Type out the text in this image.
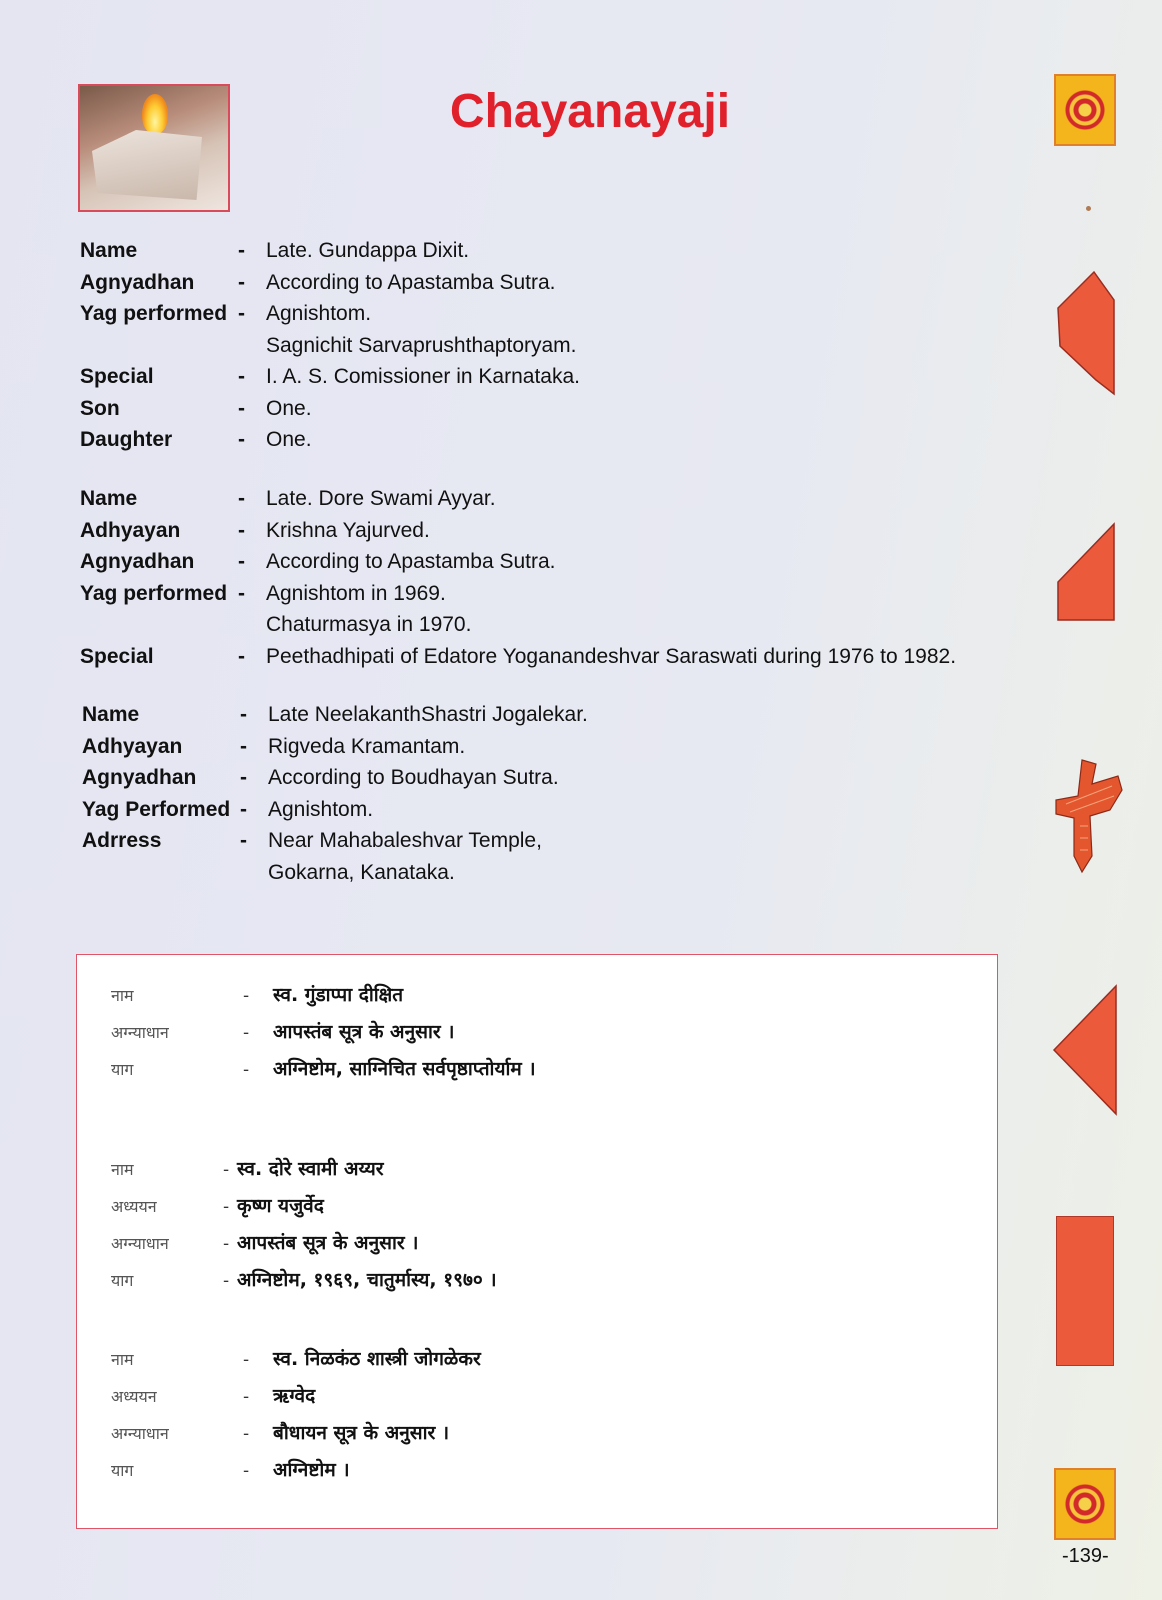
Chayanayaji
Name	-	Late. Gundappa Dixit.
Agnyadhan	-	According to Apastamba Sutra.
Yag performed -	Agnishtom.
Sagnichit Sarvaprushthaptoryam.
Special	-	I. A. S. Comissioner in Karnataka.
Son	-	One.
Daughter	-	One.
Name	-	Late. Dore Swami Ayyar.
Adhyayan	-	Krishna Yajurved.
Agnyadhan	-	According to Apastamba Sutra.
Yag performed -	Agnishtom in 1969.
Chaturmasya in 1970.
Special	-	Peethadhipati of Edatore Yoganandeshvar Saraswati during 1976 to 1982.
Name	-	Late NeelakanthShastri Jogalekar.
Adhyayan	-	Rigveda Kramantam.
Agnyadhan	-	According to Boudhayan Sutra.
Yag Performed -	Agnishtom.
Adrress	-	Near Mahabaleshvar Temple,
Gokarna, Kanataka.
नाम	-	स्व. गुंडाप्पा दीक्षित
अग्न्याधान	-	आपस्तंब सूत्र के अनुसार ।
याग	-	अग्निष्टोम, साग्निचित सर्वपृष्ठाप्तोर्याम ।
नाम	- स्व. दोरे स्वामी अय्यर
अध्ययन	- कृष्ण यजुर्वेद
अग्न्याधान	- आपस्तंब सूत्र के अनुसार ।
याग	- अग्निष्टोम, १९६९, चातुर्मास्य, १९७० ।
नाम	-	स्व. निळकंठ शास्त्री जोगळेकर
अध्ययन	-	ऋग्वेद
अग्न्याधान	-	बौधायन सूत्र के अनुसार ।
याग	-	अग्निष्टोम ।
-139-
